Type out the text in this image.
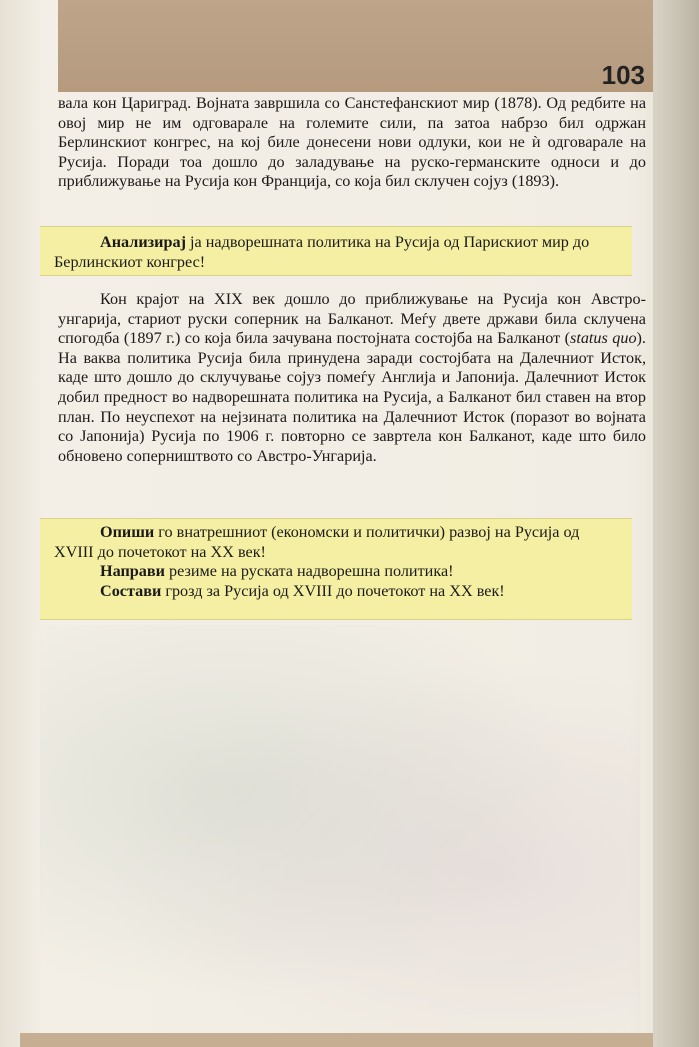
103

вала кон Цариград. Војната завршила со Санстефанскиот мир (1878). Од редбите на овој мир не им одговарале на големите сили, па затоа набрзо бил одржан Берлинскиот конгрес, на кој биле донесени нови одлуки, кои не ѝ одговарале на Русија. Поради тоа дошло до заладување на руско-германските односи и до приближување на Русија кон Франција, со која бил склучен сојуз (1893).

Анализирај ја надворешната политика на Русија од Парискиот мир до Берлинскиот конгрес!

Кон крајот на XIX век дошло до приближување на Русија кон Австро-унгарија, стариот руски соперник на Балканот. Меѓу двете држави била склучена спогодба (1897 г.) со која била зачувана постојната состојба на Балканот (status quo). На ваква политика Русија била принудена заради состојбата на Далечниот Исток, каде што дошло до склучување сојуз помеѓу Англија и Јапонија. Далечниот Исток добил предност во надворешната политика на Русија, а Балканот бил ставен на втор план. По неуспехот на нејзината политика на Далечниот Исток (поразот во војната со Јапонија) Русија по 1906 г. повторно се завртела кон Балканот, каде што било обновено соперништвото со Австро-Унгарија.

Опиши го внатрешниот (економски и политички) развој на Русија од XVIII до почетокот на XX век!
Направи резиме на руската надворешна политика!
Состави грозд за Русија од XVIII до почетокот на XX век!
